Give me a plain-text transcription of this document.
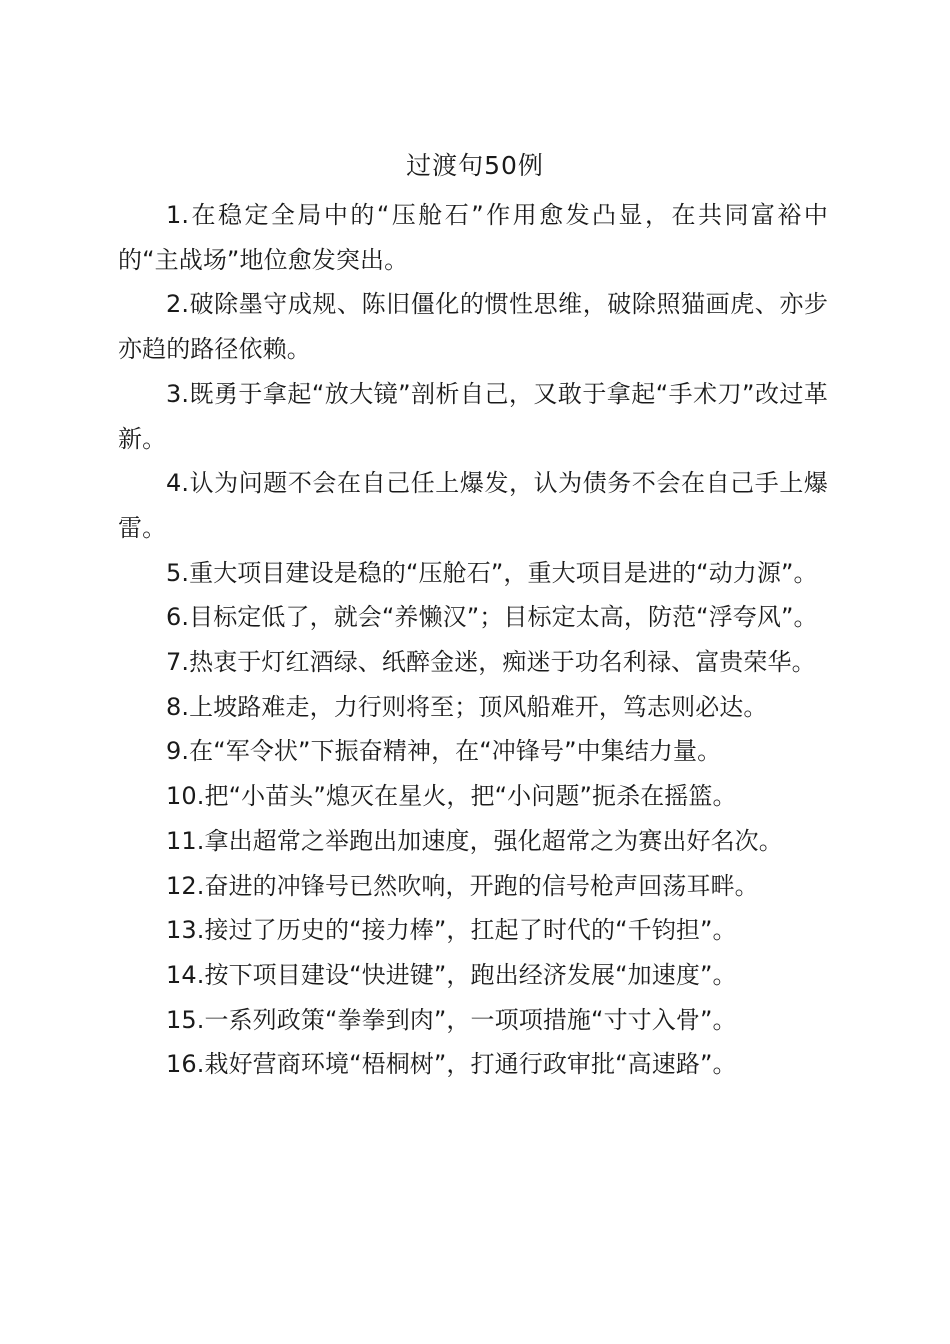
过渡句50例

1.在稳定全局中的“压舱石”作用愈发凸显，在共同富裕中的“主战场”地位愈发突出。

2.破除墨守成规、陈旧僵化的惯性思维，破除照猫画虎、亦步亦趋的路径依赖。

3.既勇于拿起“放大镜”剖析自己，又敢于拿起“手术刀”改过革新。

4.认为问题不会在自己任上爆发，认为债务不会在自己手上爆雷。

5.重大项目建设是稳的“压舱石”，重大项目是进的“动力源”。

6.目标定低了，就会“养懒汉”；目标定太高，防范“浮夸风”。

7.热衷于灯红酒绿、纸醉金迷，痴迷于功名利禄、富贵荣华。

8.上坡路难走，力行则将至；顶风船难开，笃志则必达。

9.在“军令状”下振奋精神，在“冲锋号”中集结力量。

10.把“小苗头”熄灭在星火，把“小问题”扼杀在摇篮。

11.拿出超常之举跑出加速度，强化超常之为赛出好名次。

12.奋进的冲锋号已然吹响，开跑的信号枪声回荡耳畔。

13.接过了历史的“接力棒”，扛起了时代的“千钧担”。

14.按下项目建设“快进键”，跑出经济发展“加速度”。

15.一系列政策“拳拳到肉”，一项项措施“寸寸入骨”。

16.栽好营商环境“梧桐树”，打通行政审批“高速路”。
